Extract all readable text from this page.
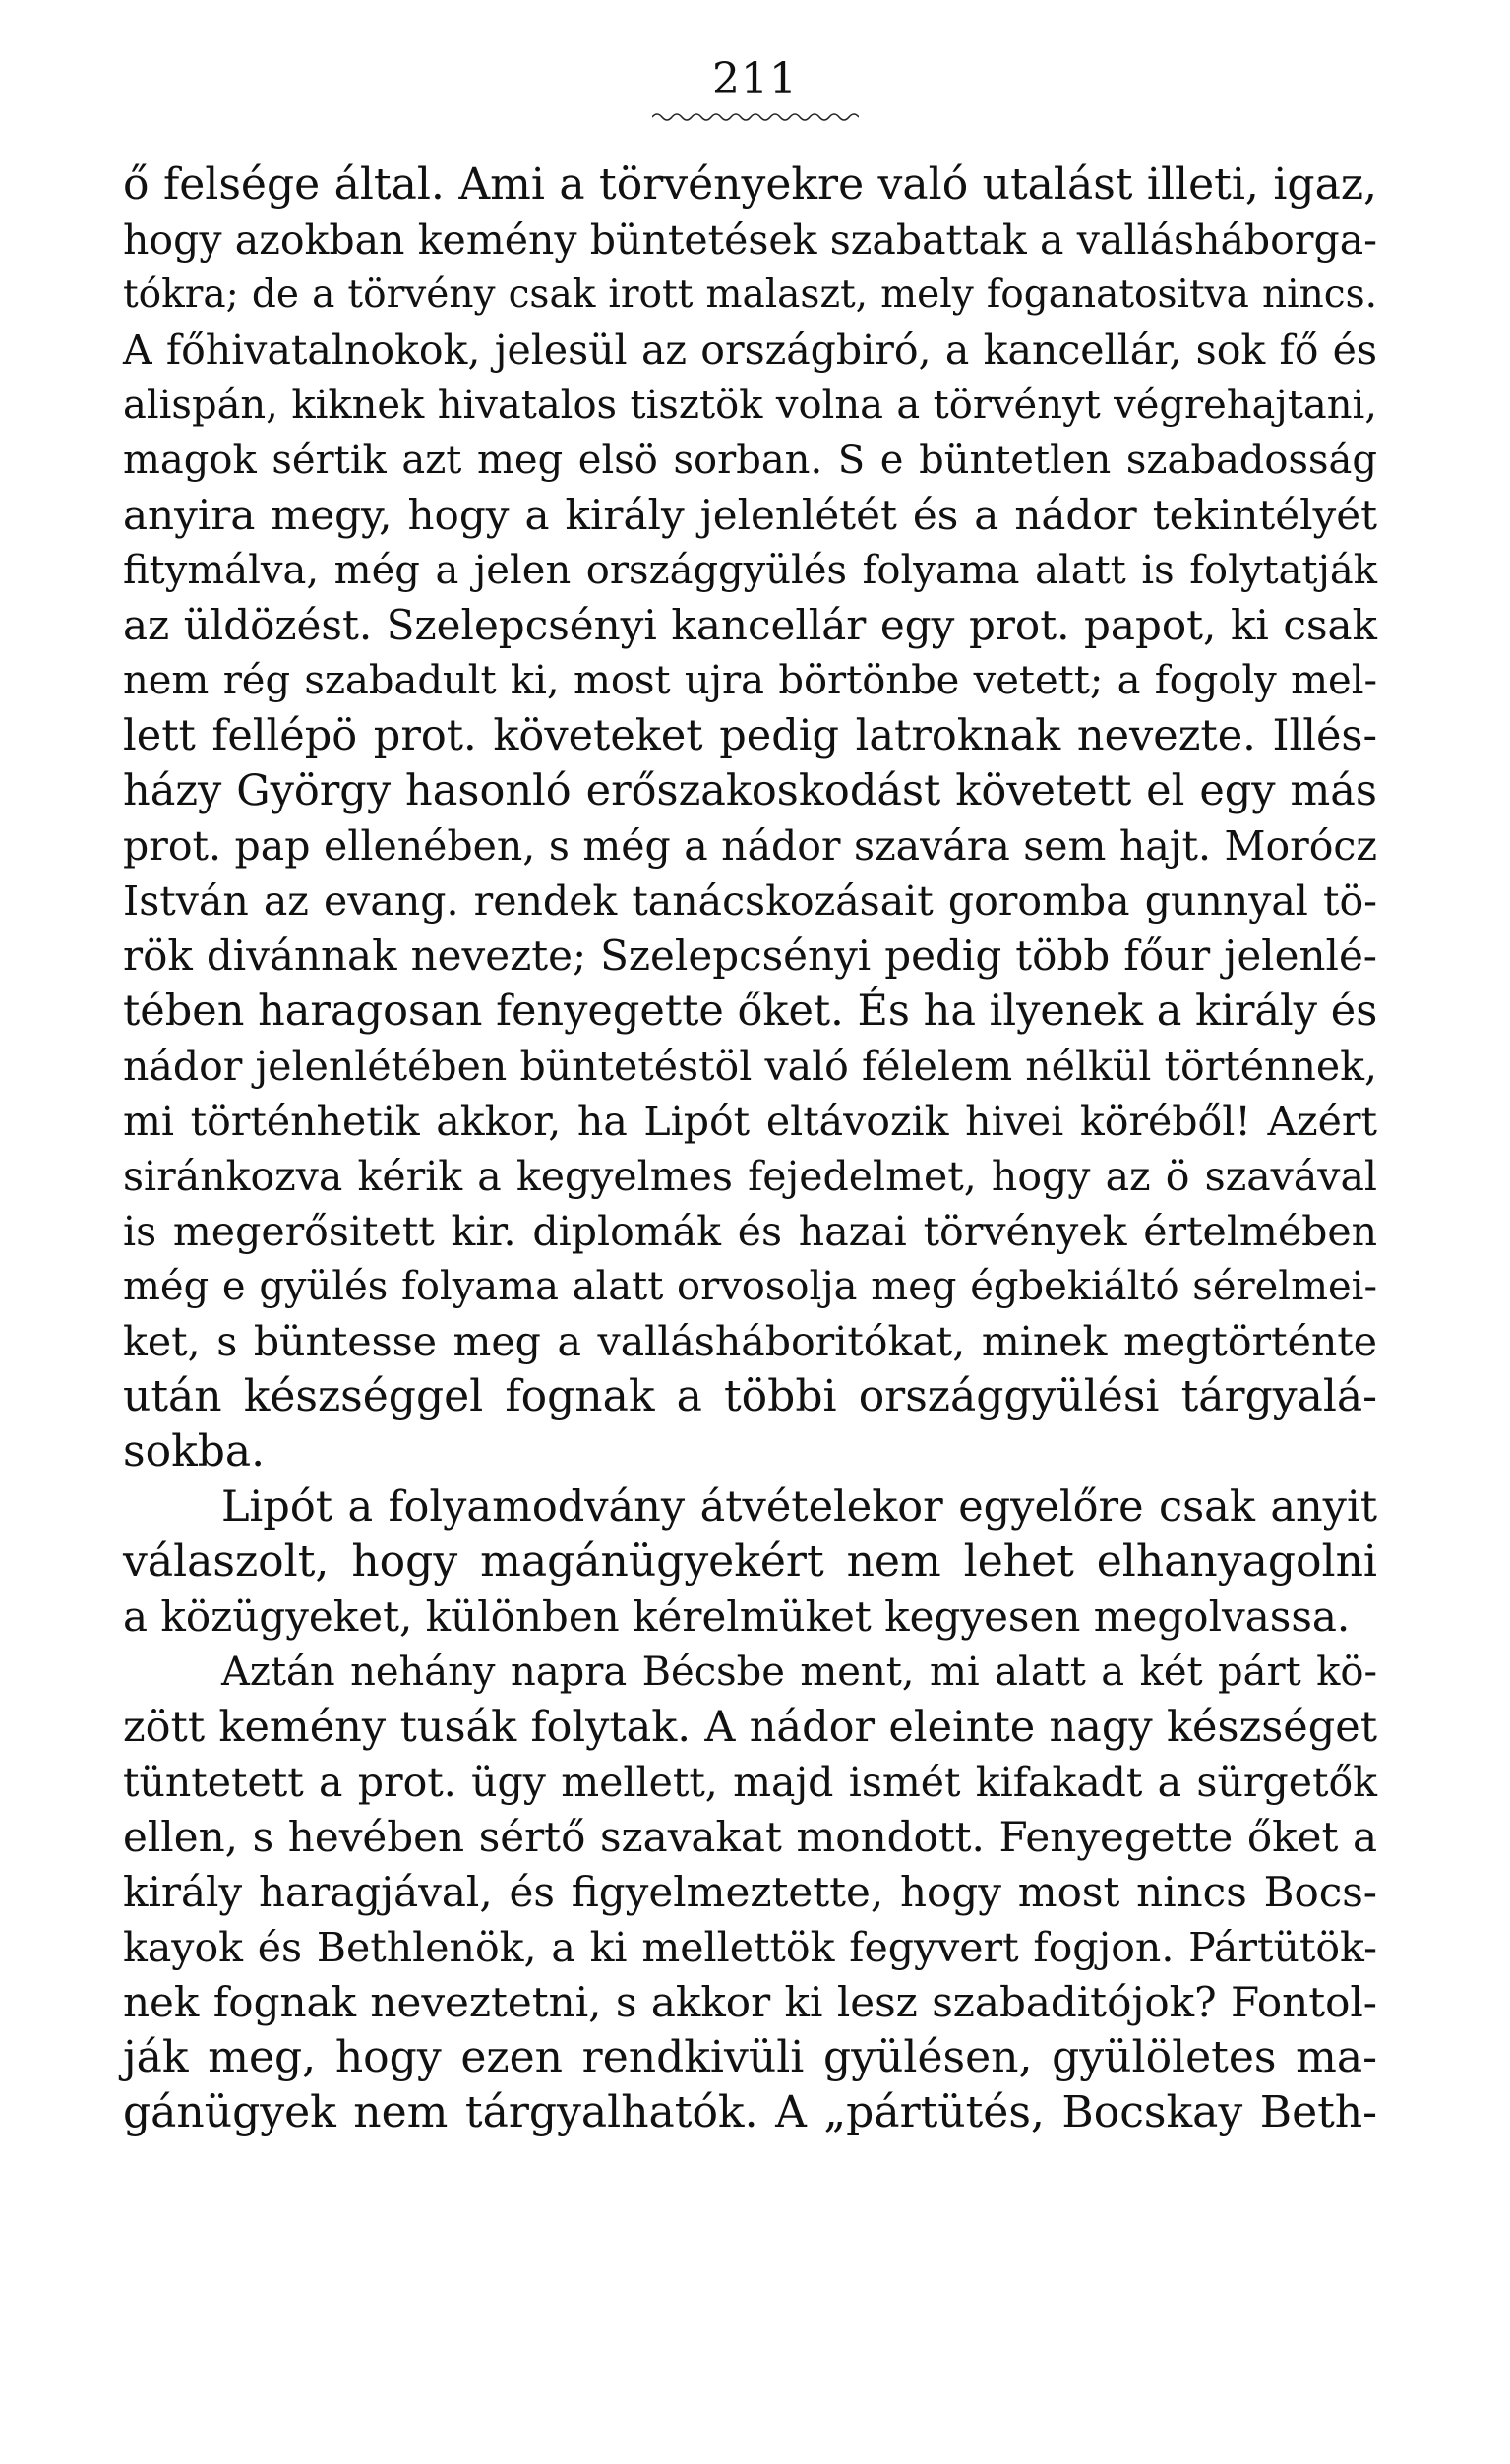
211
ő felsége által. Ami a törvényekre való utalást illeti, igaz,
hogy azokban kemény büntetések szabattak a vallásháborga-
tókra; de a törvény csak irott malaszt, mely foganatositva nincs.
A főhivatalnokok, jelesül az országbiró, a kancellár, sok fő és
alispán, kiknek hivatalos tisztök volna a törvényt végrehajtani,
magok sértik azt meg elsö sorban. S e büntetlen szabadosság
anyira megy, hogy a király jelenlétét és a nádor tekintélyét
fitymálva, még a jelen országgyülés folyama alatt is folytatják
az üldözést. Szelepcsényi kancellár egy prot. papot, ki csak
nem rég szabadult ki, most ujra börtönbe vetett; a fogoly mel-
lett fellépö prot. követeket pedig latroknak nevezte. Illés-
házy György hasonló erőszakoskodást követett el egy más
prot. pap ellenében, s még a nádor szavára sem hajt. Morócz
István az evang. rendek tanácskozásait goromba gunnyal tö-
rök divánnak nevezte; Szelepcsényi pedig több főur jelenlé-
tében haragosan fenyegette őket. És ha ilyenek a király és
nádor jelenlétében büntetéstöl való félelem nélkül történnek,
mi történhetik akkor, ha Lipót eltávozik hivei köréből! Azért
siránkozva kérik a kegyelmes fejedelmet, hogy az ö szavával
is megerősitett kir. diplomák és hazai törvények értelmében
még e gyülés folyama alatt orvosolja meg égbekiáltó sérelmei-
ket, s büntesse meg a vallásháboritókat, minek megtörténte
után készséggel fognak a többi országgyülési tárgyalá-
sokba.
Lipót a folyamodvány átvételekor egyelőre csak anyit
válaszolt, hogy magánügyekért nem lehet elhanyagolni
a közügyeket, különben kérelmüket kegyesen megolvassa.
Aztán nehány napra Bécsbe ment, mi alatt a két párt kö-
zött kemény tusák folytak. A nádor eleinte nagy készséget
tüntetett a prot. ügy mellett, majd ismét kifakadt a sürgetők
ellen, s hevében sértő szavakat mondott. Fenyegette őket a
király haragjával, és figyelmeztette, hogy most nincs Bocs-
kayok és Bethlenök, a ki mellettök fegyvert fogjon. Pártütök-
nek fognak neveztetni, s akkor ki lesz szabaditójok? Fontol-
ják meg, hogy ezen rendkivüli gyülésen, gyülöletes ma-
gánügyek nem tárgyalhatók. A „pártütés, Bocskay Beth-
